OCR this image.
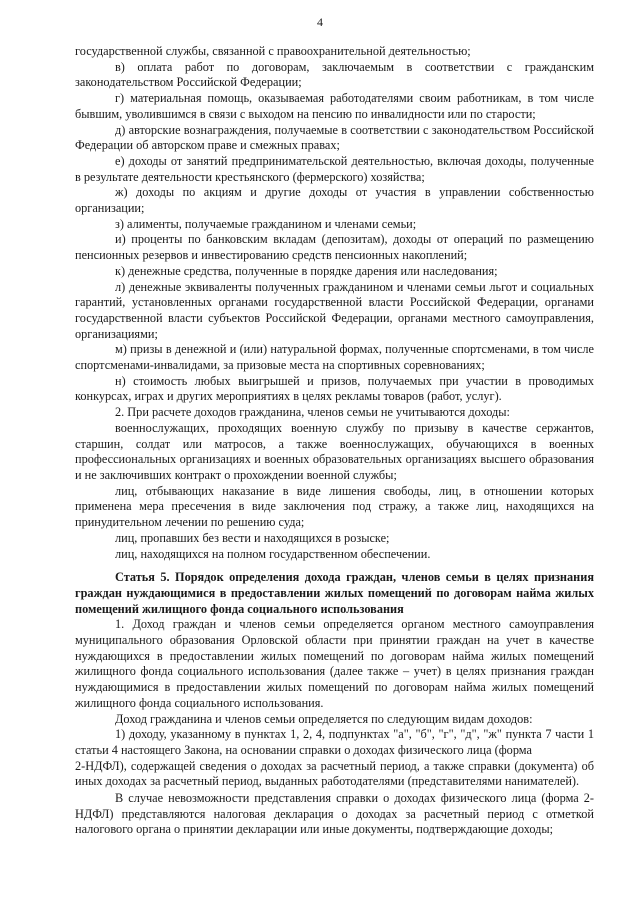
4

государственной службы, связанной с правоохранительной деятельностью;

в) оплата работ по договорам, заключаемым в соответствии с гражданским законодательством Российской Федерации;

г) материальная помощь, оказываемая работодателями своим работникам, в том числе бывшим, уволившимся в связи с выходом на пенсию по инвалидности или по старости;

д) авторские вознаграждения, получаемые в соответствии с законодательством Российской Федерации об авторском праве и смежных правах;

е) доходы от занятий предпринимательской деятельностью, включая доходы, полученные в результате деятельности крестьянского (фермерского) хозяйства;

ж) доходы по акциям и другие доходы от участия в управлении собственностью организации;

з) алименты, получаемые гражданином и членами семьи;

и) проценты по банковским вкладам (депозитам), доходы от операций по размещению пенсионных резервов и инвестированию средств пенсионных накоплений;

к) денежные средства, полученные в порядке дарения или наследования;

л) денежные эквиваленты полученных гражданином и членами семьи льгот и социальных гарантий, установленных органами государственной власти Российской Федерации, органами государственной власти субъектов Российской Федерации, органами местного самоуправления, организациями;

м) призы в денежной и (или) натуральной формах, полученные спортсменами, в том числе спортсменами-инвалидами, за призовые места на спортивных соревнованиях;

н) стоимость любых выигрышей и призов, получаемых при участии в проводимых конкурсах, играх и других мероприятиях в целях рекламы товаров (работ, услуг).

2. При расчете доходов гражданина, членов семьи не учитываются доходы:

военнослужащих, проходящих военную службу по призыву в качестве сержантов, старшин, солдат или матросов, а также военнослужащих, обучающихся в военных профессиональных организациях и военных образовательных организациях высшего образования и не заключивших контракт о прохождении военной службы;

лиц, отбывающих наказание в виде лишения свободы, лиц, в отношении которых применена мера пресечения в виде заключения под стражу, а также лиц, находящихся на принудительном лечении по решению суда;

лиц, пропавших без вести и находящихся в розыске;

лиц, находящихся на полном государственном обеспечении.

Статья 5. Порядок определения дохода граждан, членов семьи в целях признания граждан нуждающимися в предоставлении жилых помещений по договорам найма жилых помещений жилищного фонда социального использования

1. Доход граждан и членов семьи определяется органом местного самоуправления муниципального образования Орловской области при принятии граждан на учет в качестве нуждающихся в предоставлении жилых помещений по договорам найма жилых помещений жилищного фонда социального использования (далее также – учет) в целях признания граждан нуждающимися в предоставлении жилых помещений по договорам найма жилых помещений жилищного фонда социального использования.

Доход гражданина и членов семьи определяется по следующим видам доходов:

1) доходу, указанному в пунктах 1, 2, 4, подпунктах "а", "б", "г", "д", "ж" пункта 7 части 1 статьи 4 настоящего Закона, на основании справки о доходах физического лица (форма

2-НДФЛ), содержащей сведения о доходах за расчетный период, а также справки (документа) об иных доходах за расчетный период, выданных работодателями (представителями нанимателей).

В случае невозможности представления справки о доходах физического лица (форма 2-НДФЛ) представляются налоговая декларация о доходах за расчетный период с отметкой налогового органа о принятии декларации или иные документы, подтверждающие доходы;
